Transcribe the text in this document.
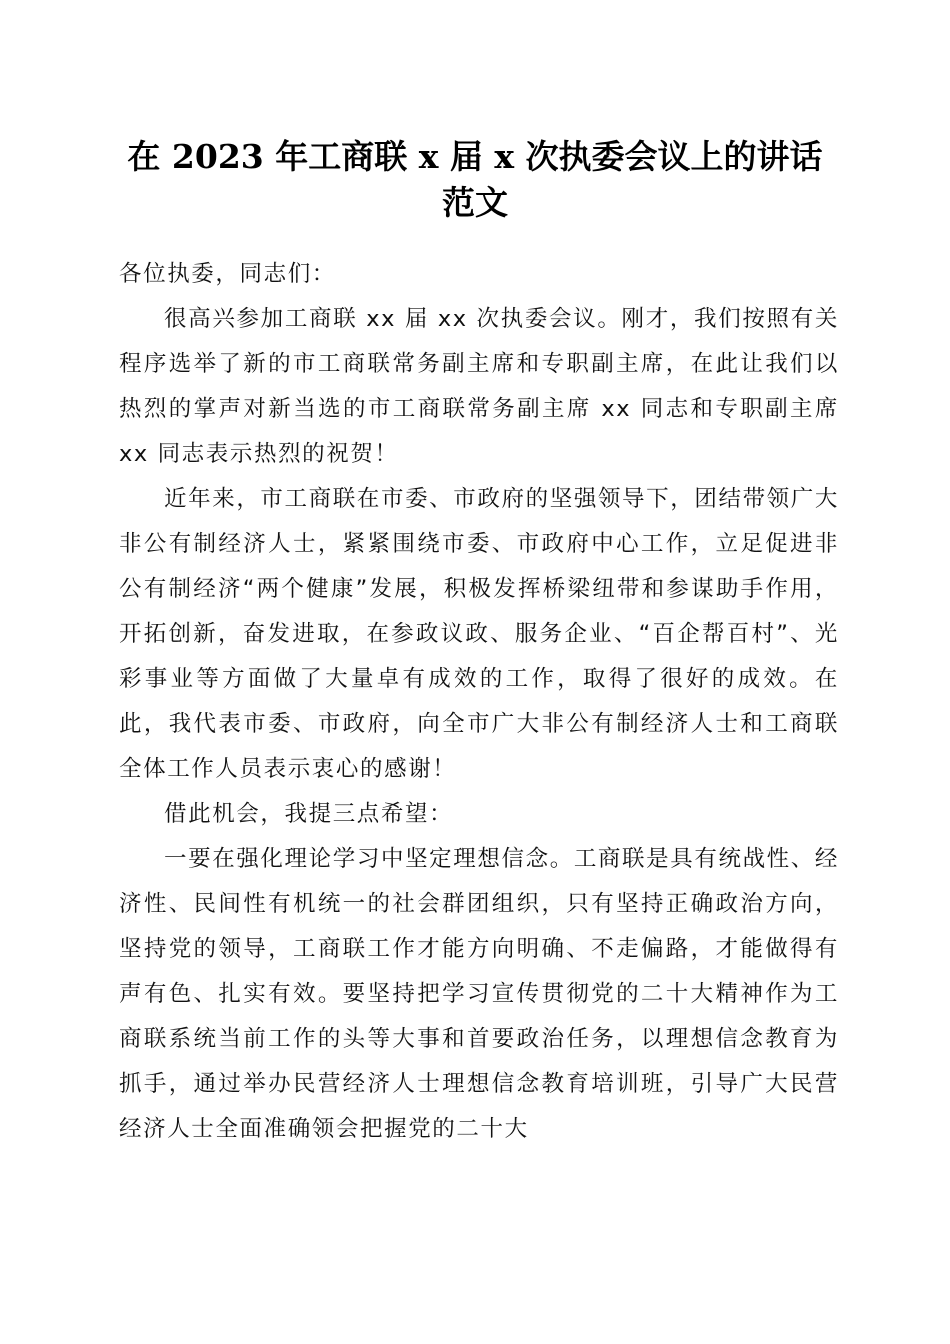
在 2023 年工商联 x 届 x 次执委会议上的讲话
范文

各位执委，同志们：

很高兴参加工商联 xx 届 xx 次执委会议。刚才，我们按照有关程序选举了新的市工商联常务副主席和专职副主席，在此让我们以热烈的掌声对新当选的市工商联常务副主席 xx 同志和专职副主席 xx 同志表示热烈的祝贺！

近年来，市工商联在市委、市政府的坚强领导下，团结带领广大非公有制经济人士，紧紧围绕市委、市政府中心工作，立足促进非公有制经济“两个健康”发展，积极发挥桥梁纽带和参谋助手作用，开拓创新，奋发进取，在参政议政、服务企业、“百企帮百村”、光彩事业等方面做了大量卓有成效的工作，取得了很好的成效。在此，我代表市委、市政府，向全市广大非公有制经济人士和工商联全体工作人员表示衷心的感谢！

借此机会，我提三点希望：

一要在强化理论学习中坚定理想信念。工商联是具有统战性、经济性、民间性有机统一的社会群团组织，只有坚持正确政治方向，坚持党的领导，工商联工作才能方向明确、不走偏路，才能做得有声有色、扎实有效。要坚持把学习宣传贯彻党的二十大精神作为工商联系统当前工作的头等大事和首要政治任务，以理想信念教育为抓手，通过举办民营经济人士理想信念教育培训班，引导广大民营经济人士全面准确领会把握党的二十大
